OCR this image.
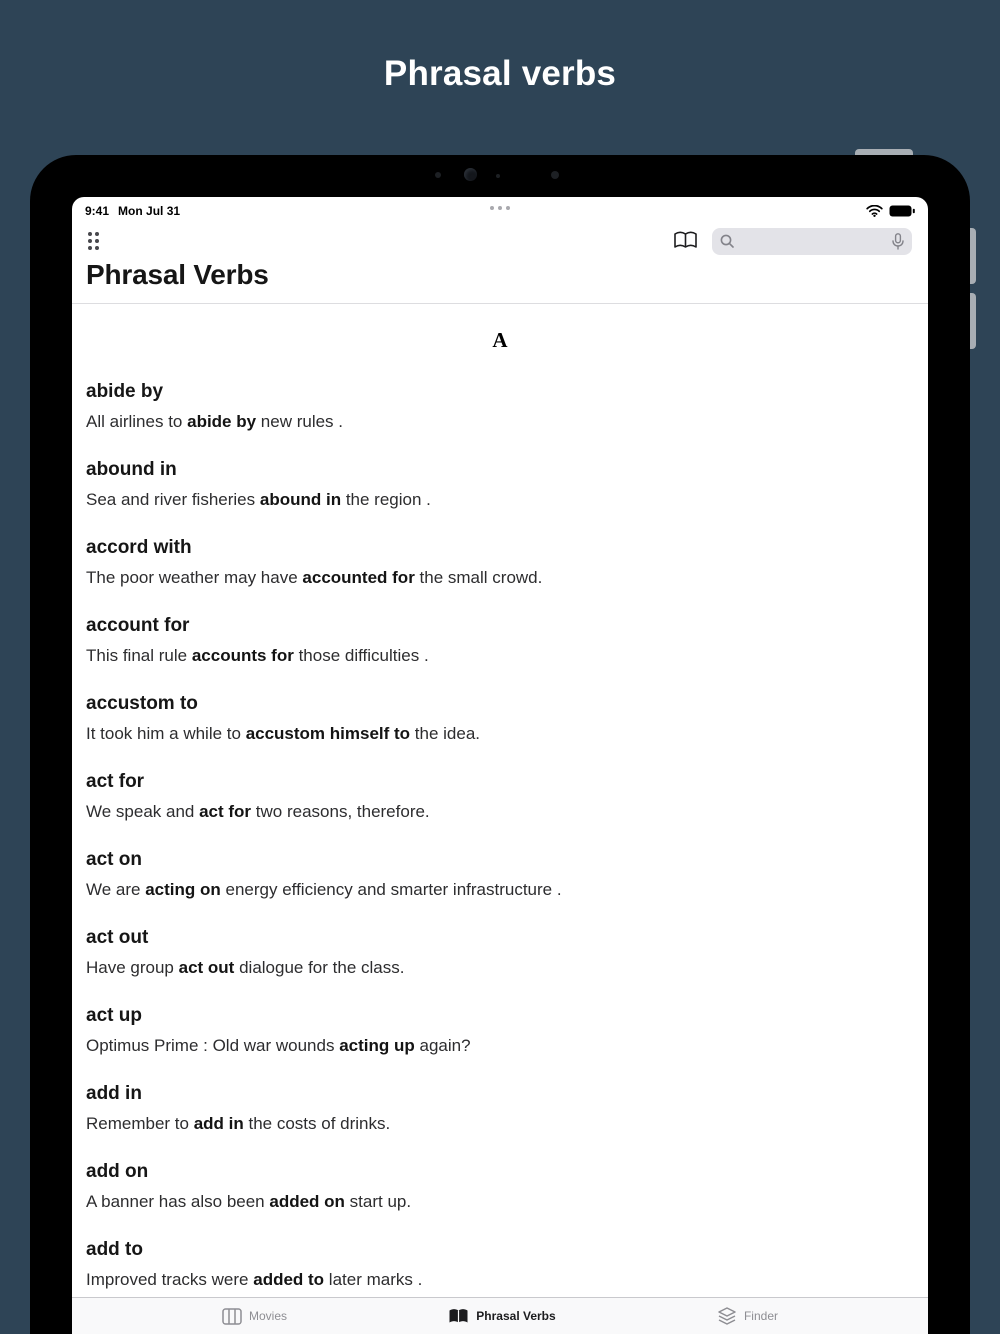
Phrasal verbs
9:41 Mon Jul 31
Phrasal Verbs
A
abide by
All airlines to abide by new rules .
abound in
Sea and river fisheries abound in the region .
accord with
The poor weather may have accounted for the small crowd.
account for
This final rule accounts for those difficulties .
accustom to
It took him a while to accustom himself to the idea.
act for
We speak and act for two reasons, therefore.
act on
We are acting on energy efficiency and smarter infrastructure .
act out
Have group act out dialogue for the class.
act up
Optimus Prime : Old war wounds acting up again?
add in
Remember to add in the costs of drinks.
add on
A banner has also been added on start up.
add to
Improved tracks were added to later marks .
Movies	Phrasal Verbs	Finder
